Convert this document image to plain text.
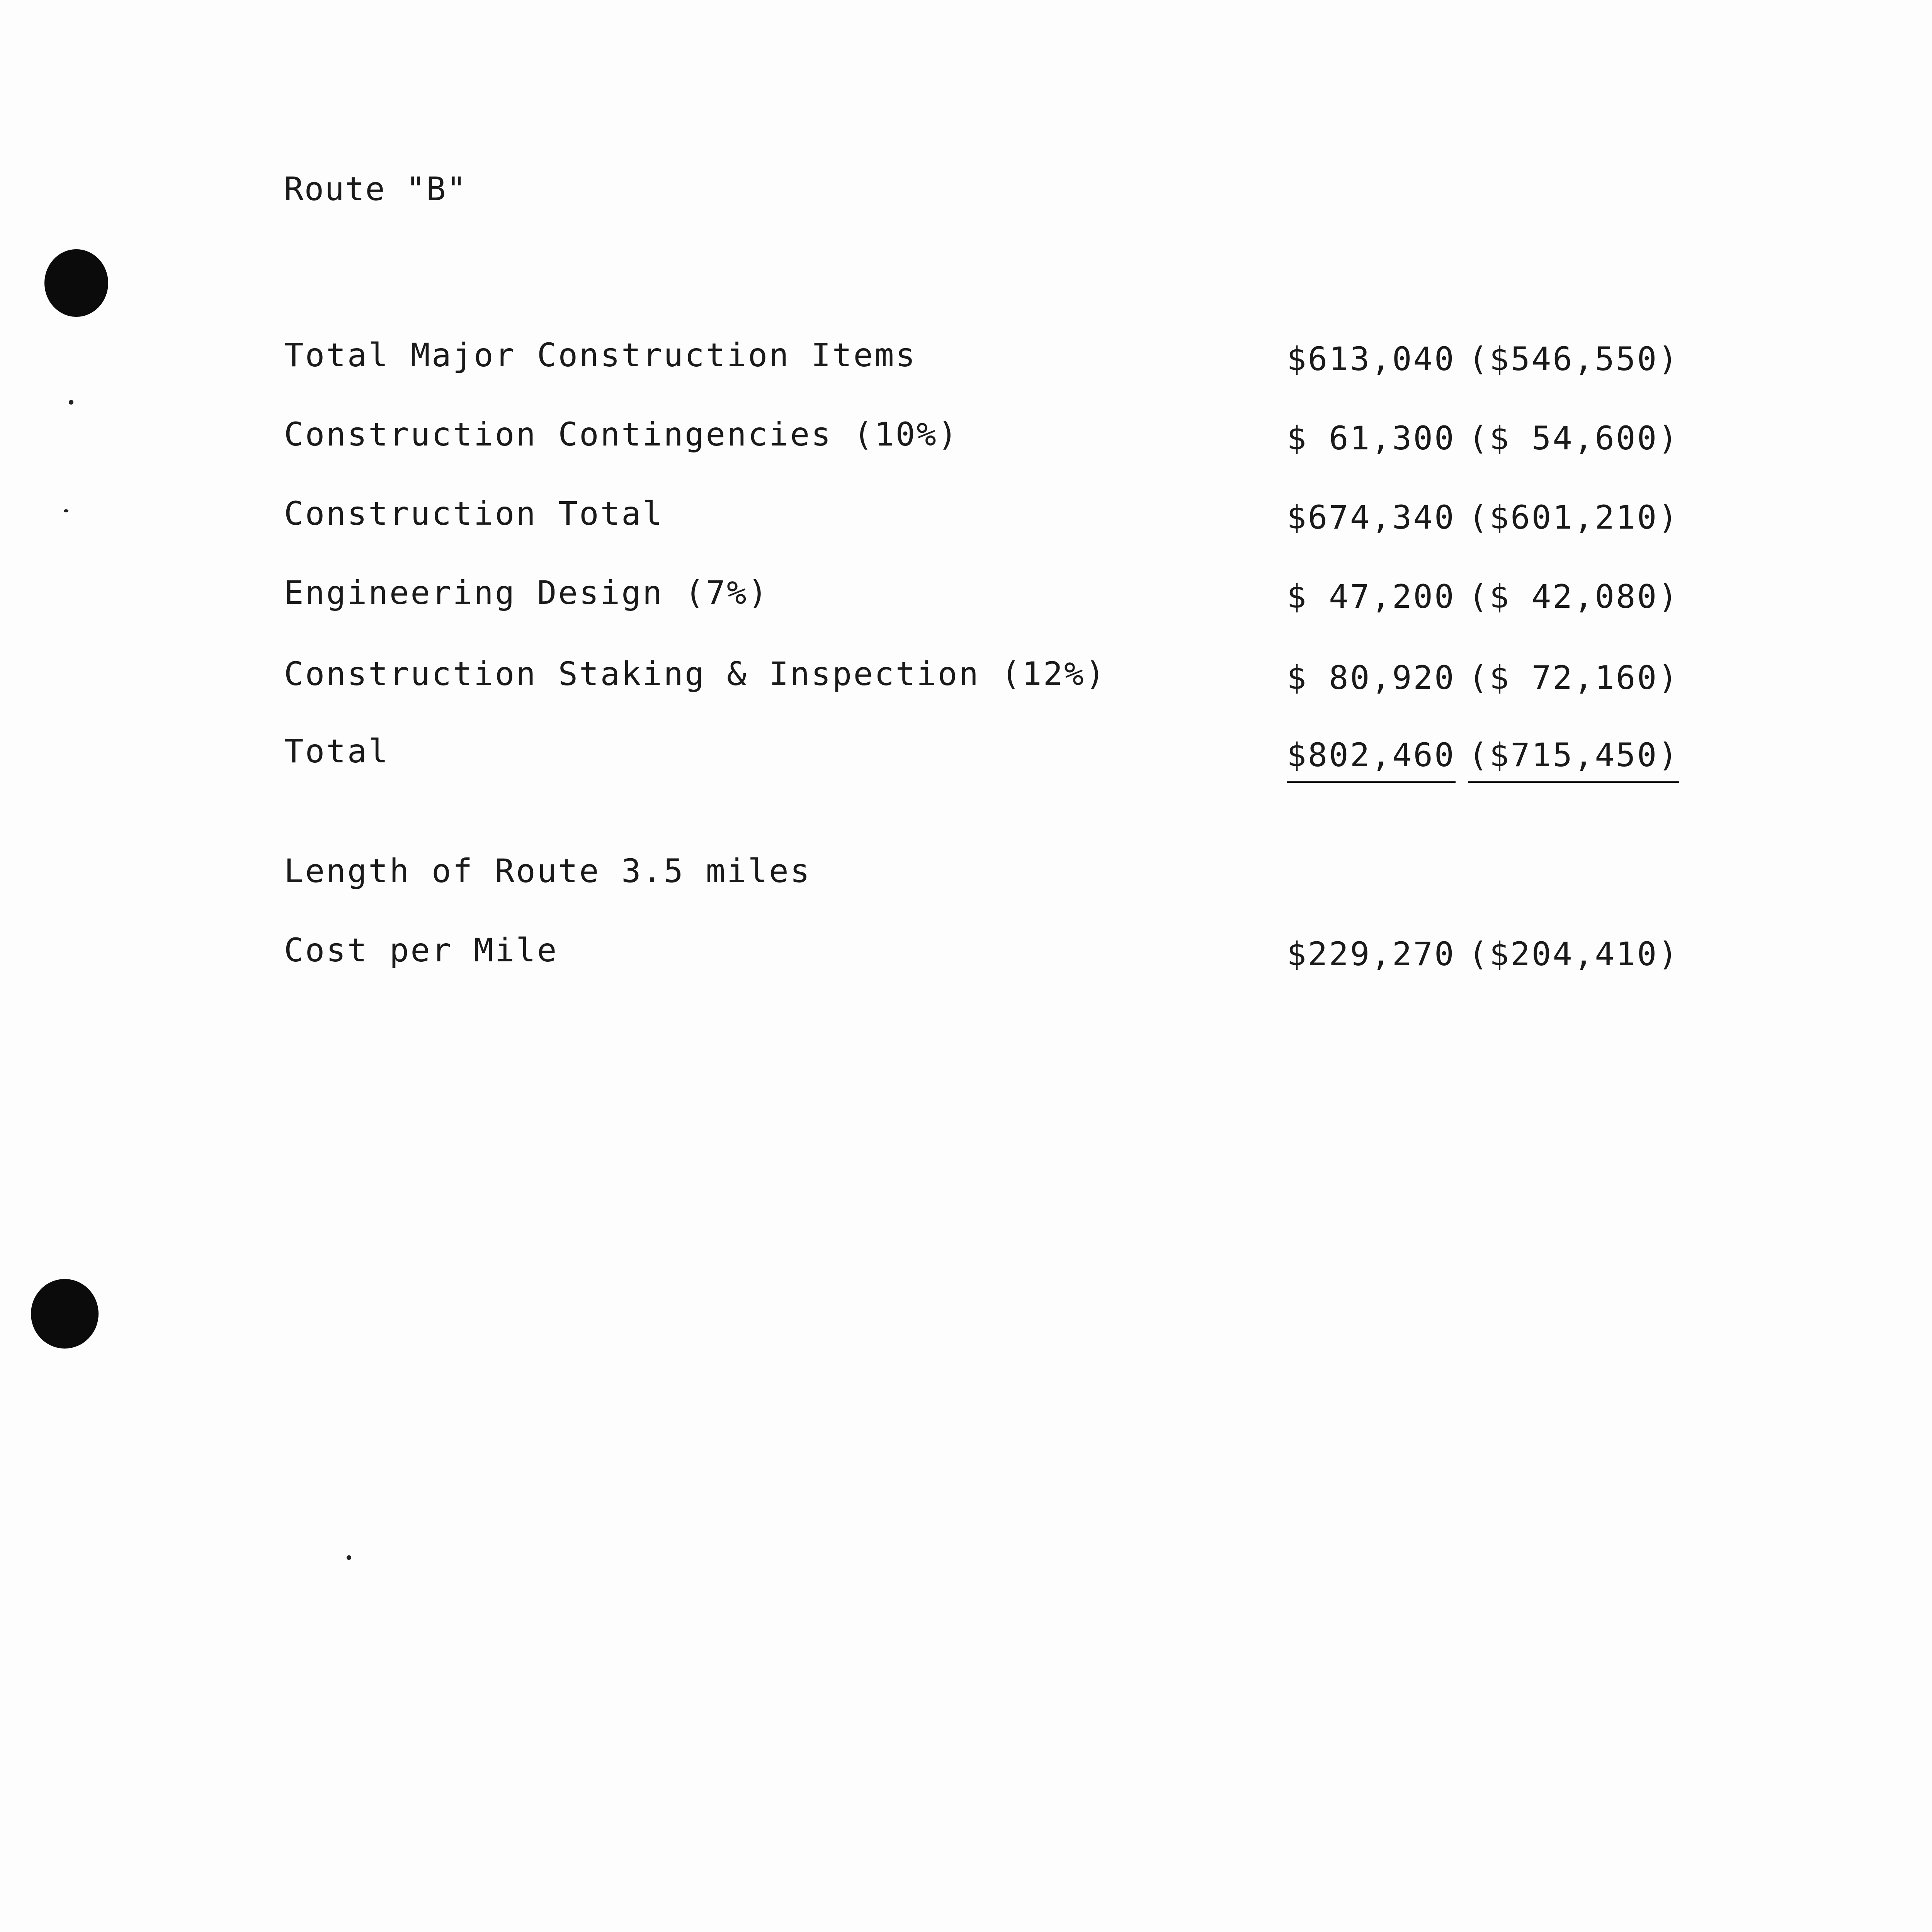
Route "B"
Total Major Construction Items	$613,040 ($546,550)
Construction Contingencies (10%)	$ 61,300 ($ 54,600)
Construction Total	$674,340 ($601,210)
Engineering Design (7%)	$ 47,200 ($ 42,080)
Construction Staking & Inspection (12%)	$ 80,920 ($ 72,160)
Total	$802,460 ($715,450)
Length of Route 3.5 miles
Cost per Mile	$229,270 ($204,410)
